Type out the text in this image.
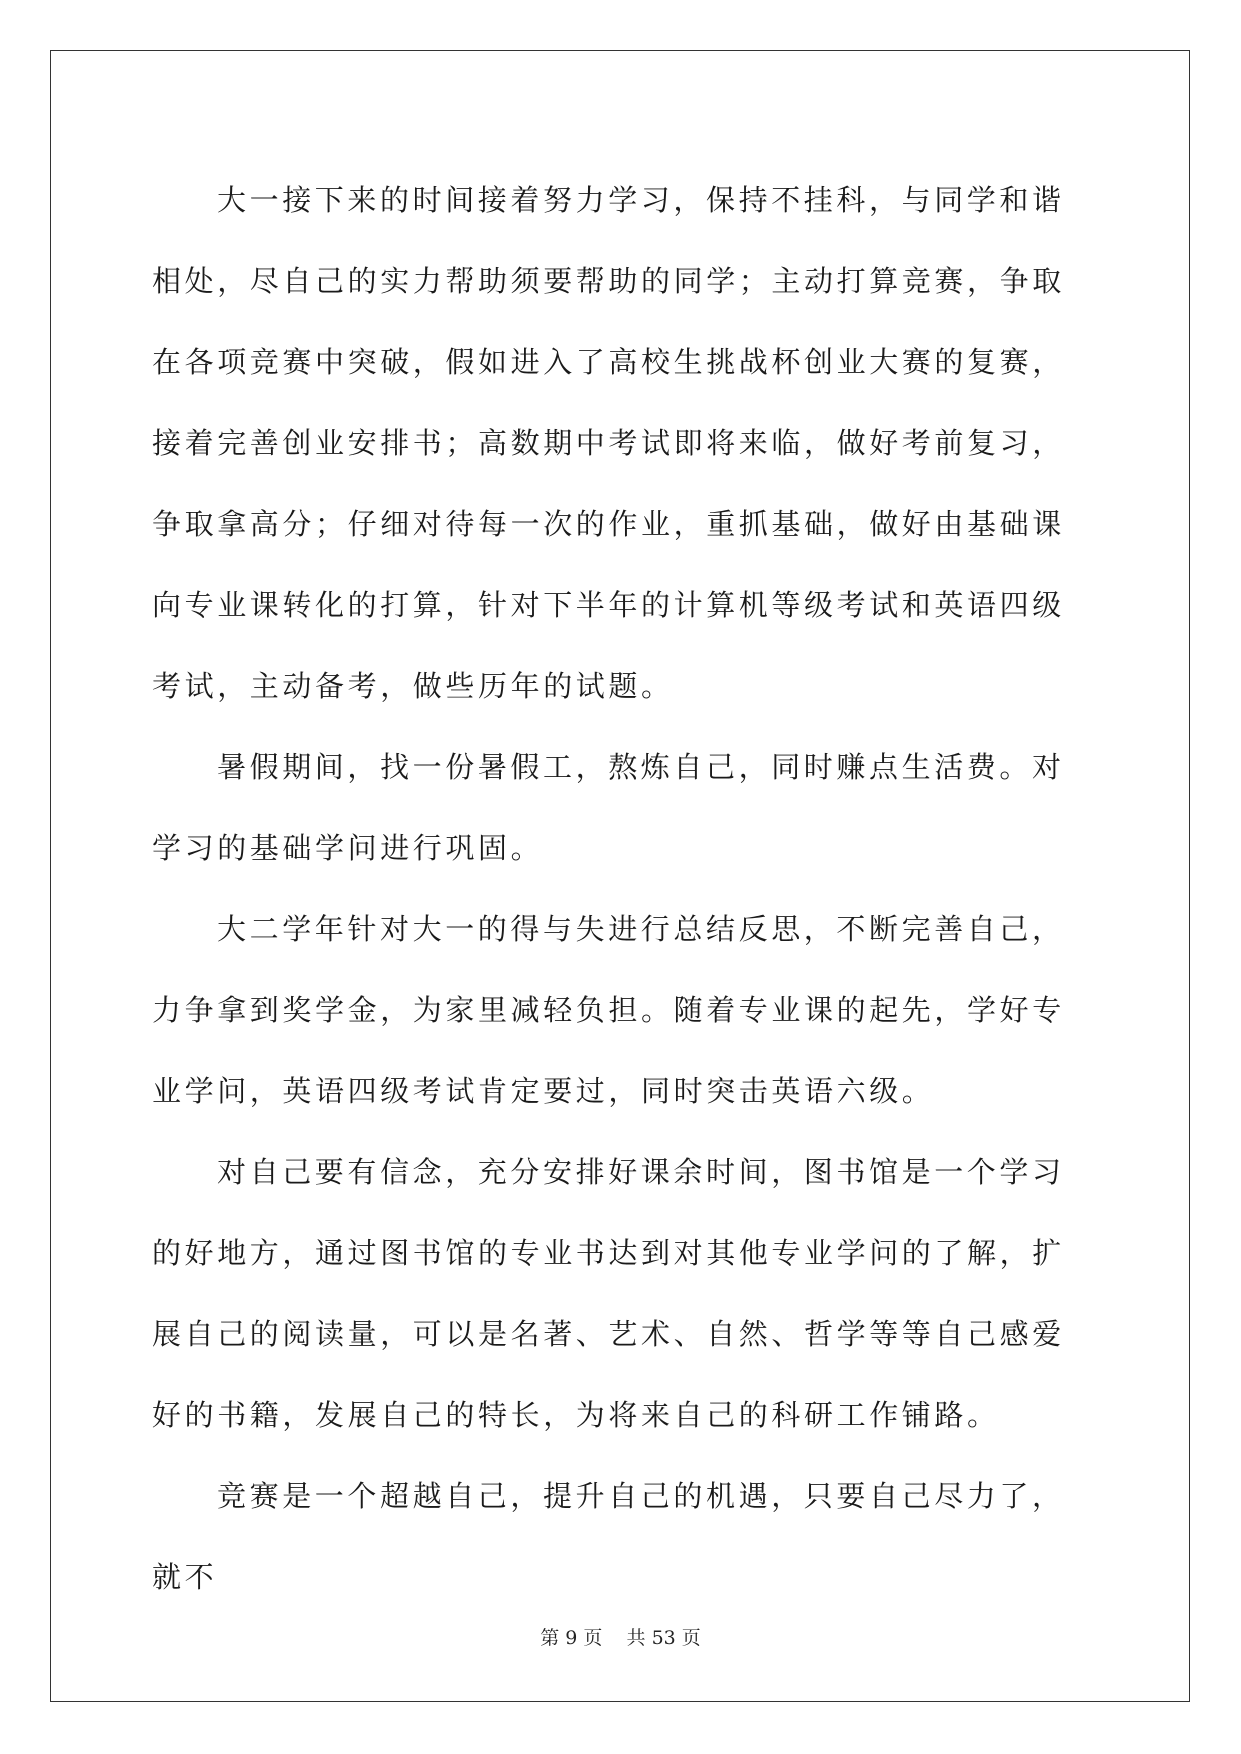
大一接下来的时间接着努力学习，保持不挂科，与同学和谐相处，尽自己的实力帮助须要帮助的同学；主动打算竞赛，争取在各项竞赛中突破，假如进入了高校生挑战杯创业大赛的复赛，接着完善创业安排书；高数期中考试即将来临，做好考前复习，争取拿高分；仔细对待每一次的作业，重抓基础，做好由基础课向专业课转化的打算，针对下半年的计算机等级考试和英语四级考试，主动备考，做些历年的试题。

暑假期间，找一份暑假工，熬炼自己，同时赚点生活费。对学习的基础学问进行巩固。

大二学年针对大一的得与失进行总结反思，不断完善自己，力争拿到奖学金，为家里减轻负担。随着专业课的起先，学好专业学问，英语四级考试肯定要过，同时突击英语六级。

对自己要有信念，充分安排好课余时间，图书馆是一个学习的好地方，通过图书馆的专业书达到对其他专业学问的了解，扩展自己的阅读量，可以是名著、艺术、自然、哲学等等自己感爱好的书籍，发展自己的特长，为将来自己的科研工作铺路。

竞赛是一个超越自己，提升自己的机遇，只要自己尽力了，就不

第 9 页 共 53 页
